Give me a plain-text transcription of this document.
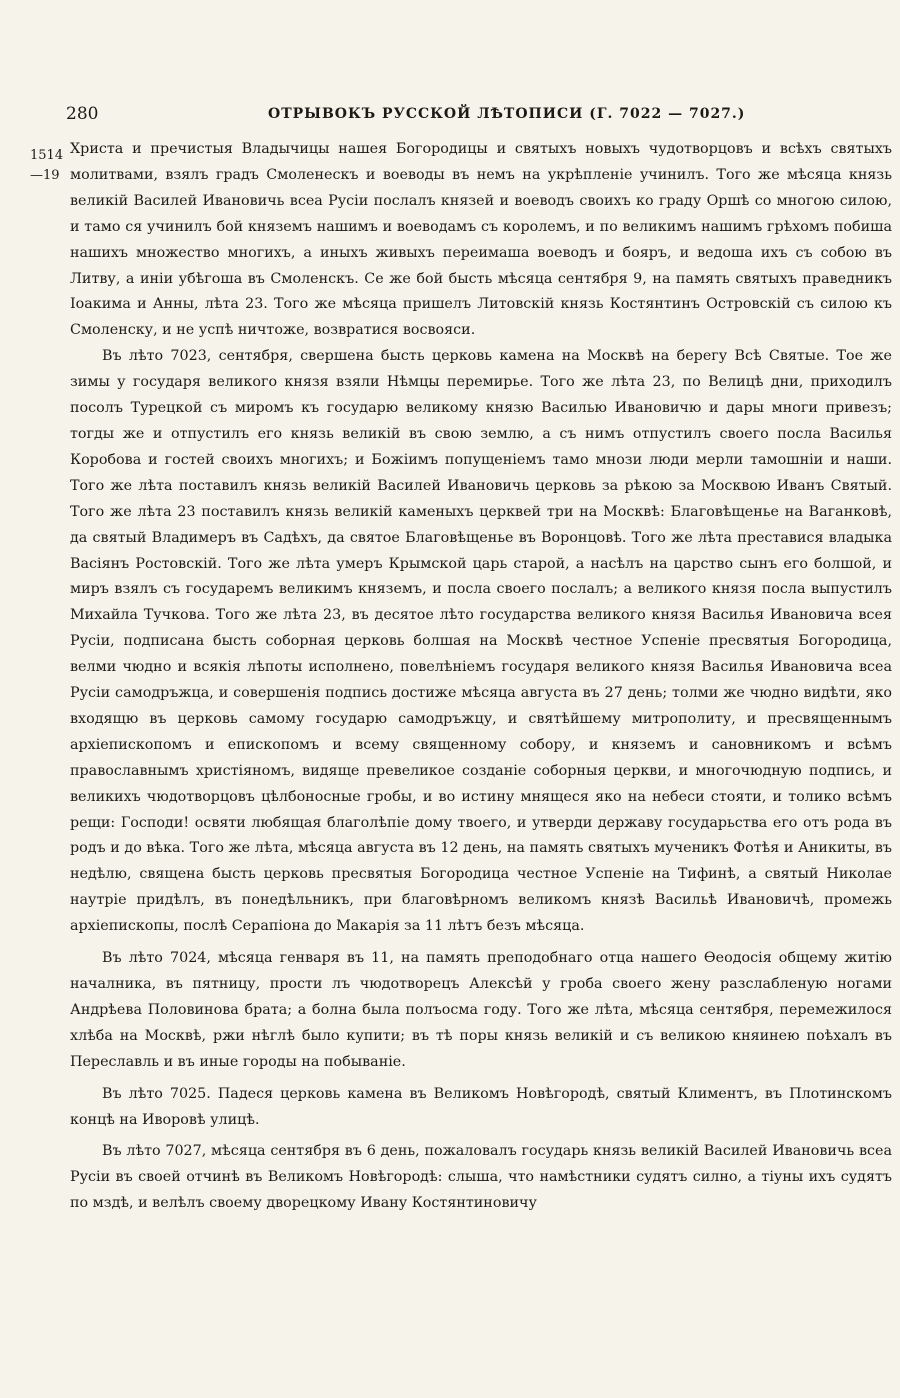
280	ОТРЫВОКЪ РУССКОЙ ЛѢТОПИСИ (Г. 7022 — 7027.)
1514
—19

Христа и пречистыя Владычицы нашея Богородицы и святыхъ новыхъ чудотворцовъ и всѣхъ святыхъ молитвами, взялъ градъ Смоленескъ и воеводы въ немъ на укрѣпленіе учинилъ. Того же мѣсяца князь великій Василей Ивановичь всеа Русіи послалъ князей и воеводъ своихъ ко граду Оршѣ со многою силою, и тамо ся учинилъ бой княземъ нашимъ и воеводамъ съ королемъ, и по великимъ нашимъ грѣхомъ побиша нашихъ множество многихъ, а иныхъ живыхъ переимаша воеводъ и бояръ, и ведоша ихъ съ собою въ Литву, а инiи убѣгоша въ Смоленскъ. Се же бой бысть мѣсяца сентября 9, на память святыхъ праведникъ Іоакима и Анны, лѣта 23. Того же мѣсяца пришелъ Литовскій князь Костянтинъ Островскій съ силою къ Смоленску, и не успѣ ничтоже, возвратися восвояси.

Въ лѣто 7023, сентября, свершена бысть церковь камена на Москвѣ на берегу Всѣ Святые. Тое же зимы у государя великого князя взяли Нѣмцы перемирье. Того же лѣта 23, по Велицѣ дни, приходилъ посолъ Турецкой съ миромъ къ государю великому князю Василью Ивановичю и дары многи привезъ; тогды же и отпустилъ его князь великій въ свою землю, а съ нимъ отпустилъ своего посла Василья Коробова и гостей своихъ многихъ; и Божіимъ попущеніемъ тамо мнози люди мерли тамошнiи и наши. Того же лѣта поставилъ князь великій Василей Ивановичь церковь за рѣкою за Москвою Иванъ Святый. Того же лѣта 23 поставилъ князь великій каменыхъ церквей три на Москвѣ: Благовѣщенье на Ваганковѣ, да святый Владимеръ въ Садѣхъ, да святое Благовѣщенье въ Воронцовѣ. Того же лѣта преставися владыка Васіянъ Ростовскій. Того же лѣта умеръ Крымской царь старой, а насѣлъ на царство сынъ его болшой, и миръ взялъ съ государемъ великимъ княземъ, и посла своего послалъ; а великого князя посла выпустилъ Михайла Тучкова. Того же лѣта 23, въ десятое лѣто государства великого князя Василья Ивановича всея Русіи, подписана бысть соборная церковь болшая на Москвѣ честное Успеніе пресвятыя Богородица, велми чюдно и всякія лѣпоты исполнено, повелѣніемъ государя великого князя Василья Ивановича всеа Русіи самодръжца, и совершенія подпись достиже мѣсяца августа въ 27 день; толми же чюдно видѣти, яко входящю въ церковь самому государю самодръжцу, и святѣйшему митрополиту, и пресвященнымъ архіепископомъ и епископомъ и всему священному собору, и княземъ и сановникомъ и всѣмъ православнымъ христіяномъ, видяще превеликое созданіе соборныя церкви, и многочюдную подпись, и великихъ чюдотворцовъ цѣлбоносные гробы, и во истину мнящеся яко на небеси стояти, и толико всѣмъ рещи: Господи! освяти любящая благолѣпіе дому твоего, и утверди державу государьства его отъ рода въ родъ и до вѣка. Того же лѣта, мѣсяца августа въ 12 день, на память святыхъ мученикъ Фотѣя и Аникиты, въ недѣлю, священа бысть церковь пресвятыя Богородица честное Успеніе на Тифинѣ, а святый Николае наутріе придѣлъ, въ понедѣльникъ, при благовѣрномъ великомъ князѣ Васильѣ Ивановичѣ, промежь архіепископы, послѣ Серапіона до Макарія за 11 лѣтъ безъ мѣсяца.

Въ лѣто 7024, мѣсяца генваря въ 11, на память преподобнаго отца нашего Ѳеодосія общему житію началника, въ пятницу, прости лъ чюдотворецъ Алексѣй у гроба своего жену разслабленую ногами Андрѣева Половинова брата; а болна была полъосма году. Того же лѣта, мѣсяца сентября, перемежилося хлѣба на Москвѣ, ржи нѣглѣ было купити; въ тѣ поры князь великій и съ великою княинею поѣхалъ въ Переславль и въ иные городы на побываніе.

Въ лѣто 7025. Падеся церковь камена въ Великомъ Новѣгородѣ, святый Климентъ, въ Плотинскомъ концѣ на Иворовѣ улицѣ.

Въ лѣто 7027, мѣсяца сентября въ 6 день, пожаловалъ государь князь великій Василей Ивановичь всеа Русіи въ своей отчинѣ въ Великомъ Новѣгородѣ: слыша, что намѣстники судятъ силно, а тіуны ихъ судятъ по мздѣ, и велѣлъ своему дворецкому Ивану Костянтиновичу
